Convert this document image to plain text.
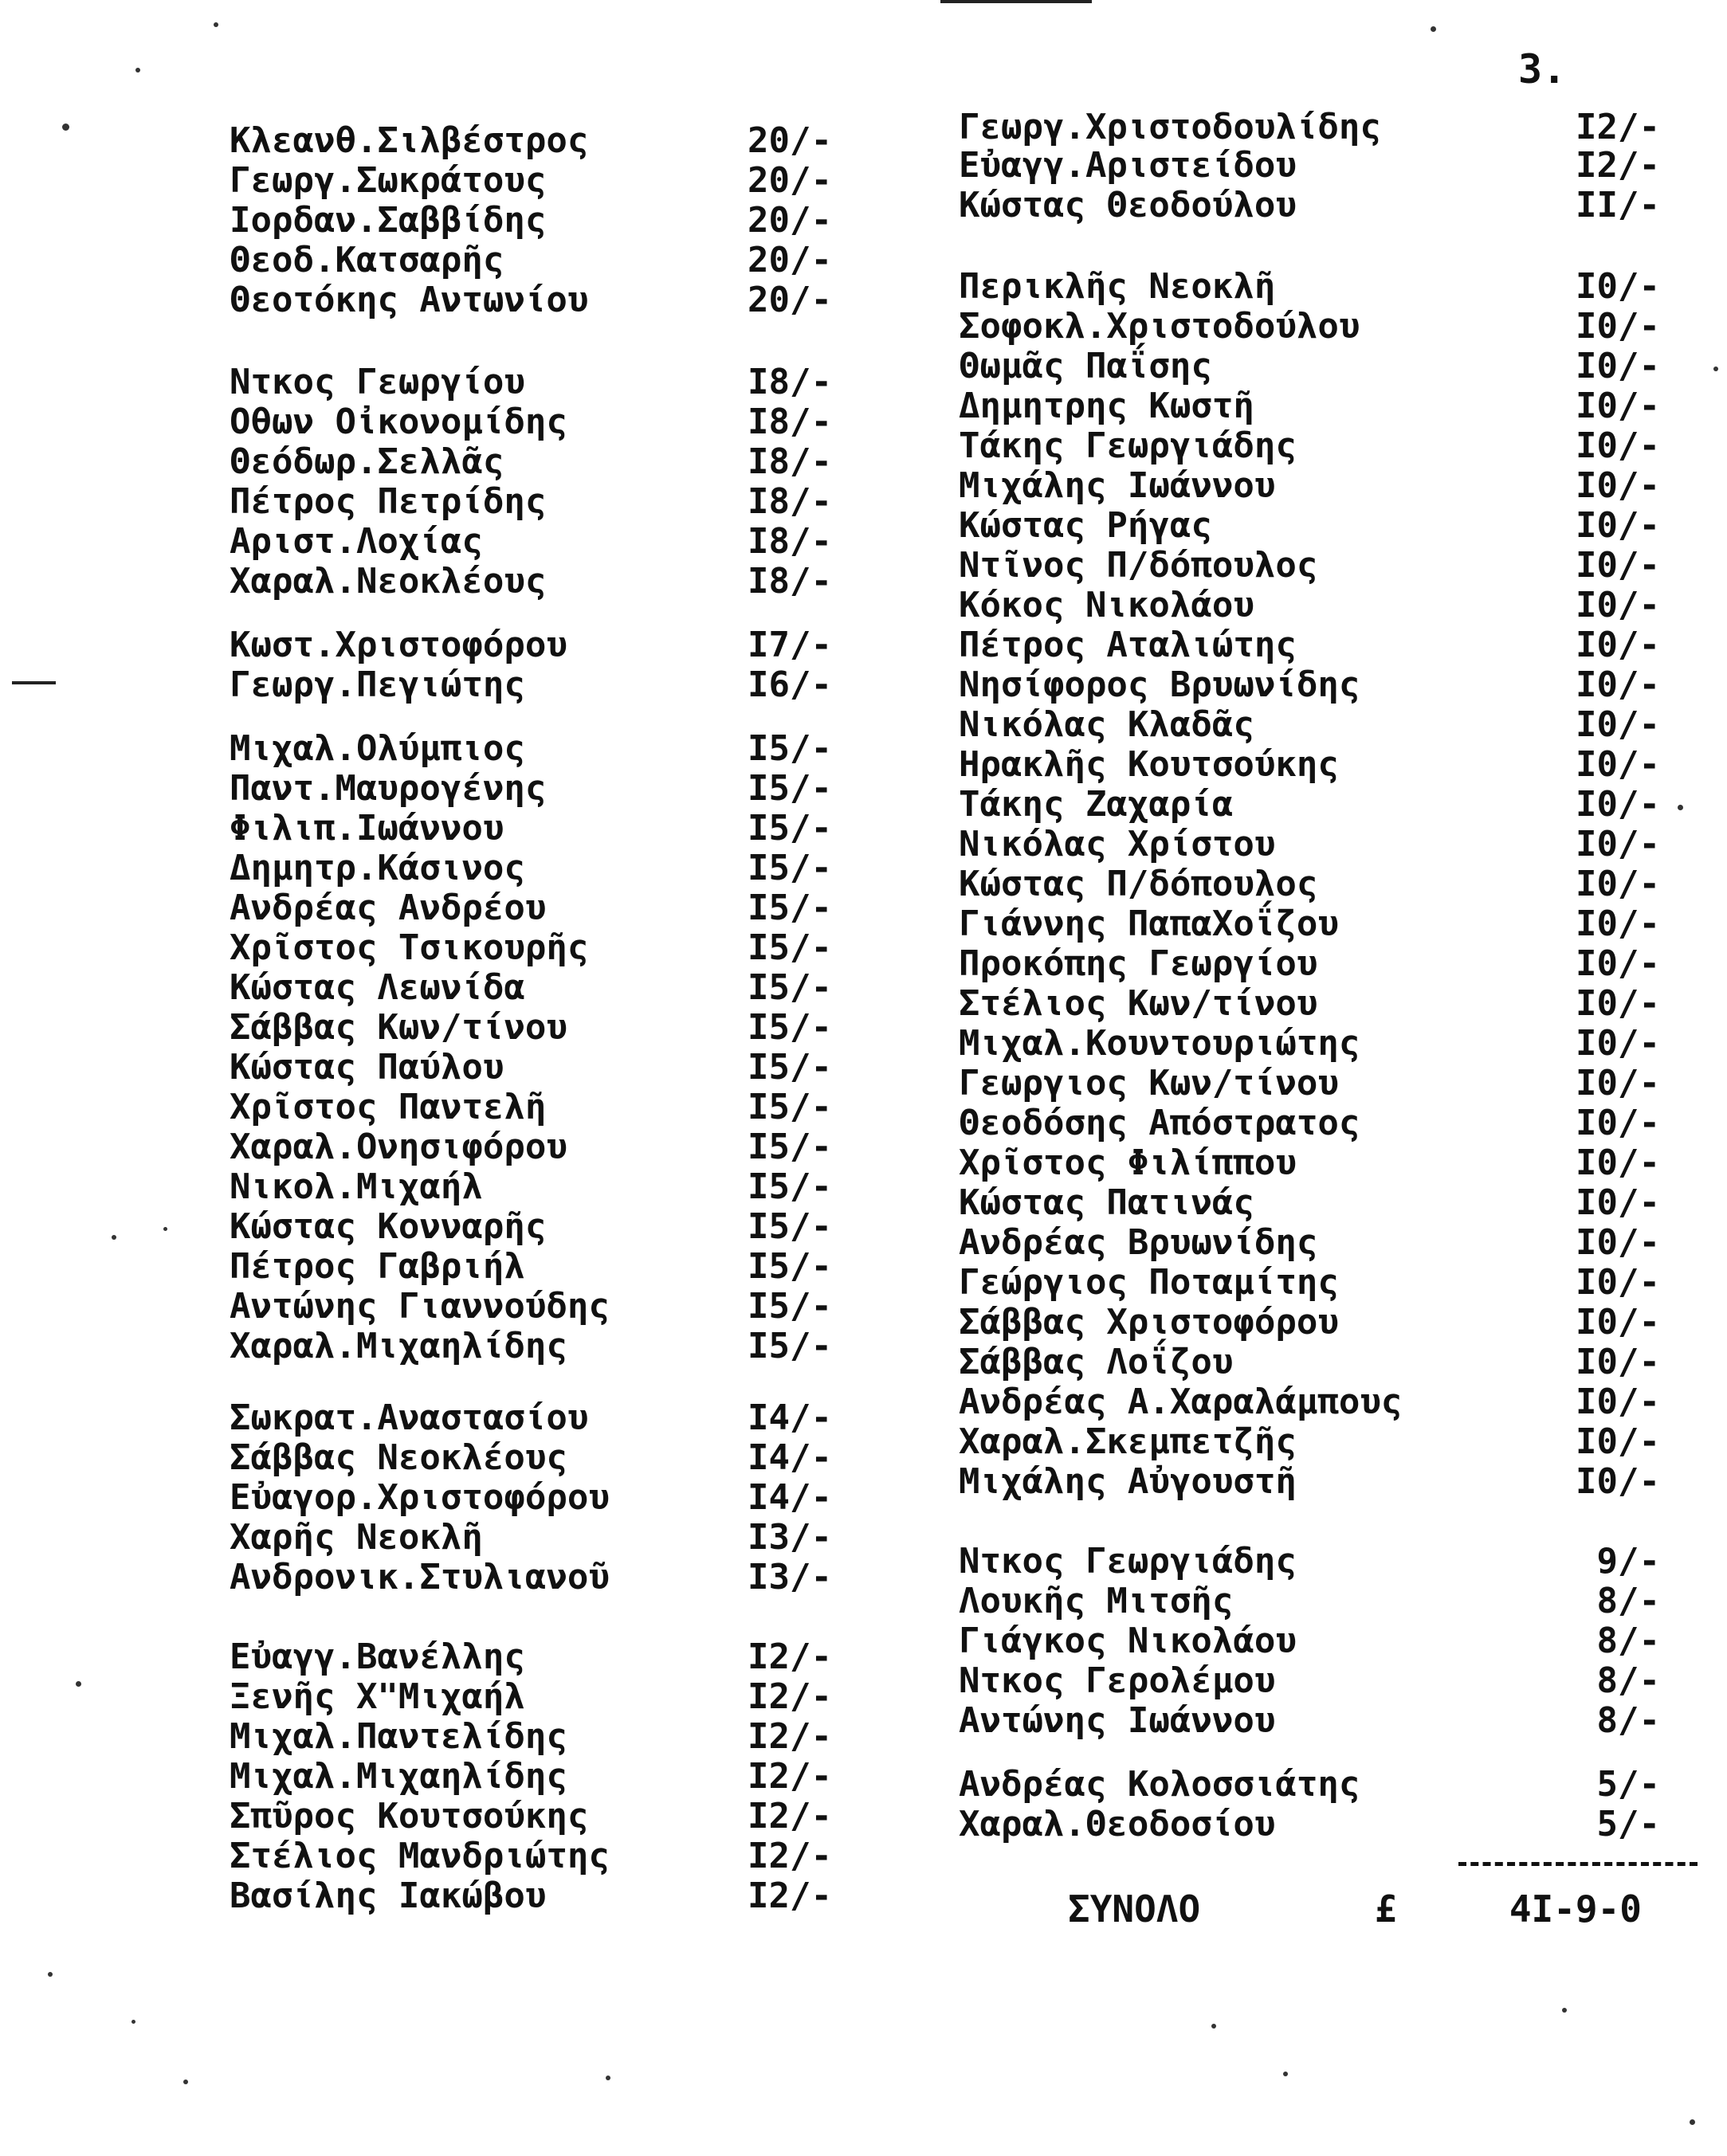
3.
Κλεανθ.Σιλβέστρος	20/-
Γεωργ.Σωκράτους	20/-
Ιορδαν.Σαββίδης	20/-
Θεοδ.Κατσαρῆς	20/-
Θεοτόκης Αντωνίου	20/-
Ντκος Γεωργίου	I8/-
Οθων Οἰκονομίδης	I8/-
Θεόδωρ.Σελλᾶς	I8/-
Πέτρος Πετρίδης	I8/-
Αριστ.Λοχίας	I8/-
Χαραλ.Νεοκλέους	I8/-
Κωστ.Χριστοφόρου	I7/-
Γεωργ.Πεγιώτης	I6/-
Μιχαλ.Ολύμπιος	I5/-
Παντ.Μαυρογένης	I5/-
Φιλιπ.Ιωάννου	I5/-
Δημητρ.Κάσινος	I5/-
Ανδρέας Ανδρέου	I5/-
Χρῖστος Τσικουρῆς	I5/-
Κώστας Λεωνίδα	I5/-
Σάββας Κων/τίνου	I5/-
Κώστας Παύλου	I5/-
Χρῖστος Παντελῆ	I5/-
Χαραλ.Ονησιφόρου	I5/-
Νικολ.Μιχαήλ	I5/-
Κώστας Κονναρῆς	I5/-
Πέτρος Γαβριήλ	I5/-
Αντώνης Γιαννούδης	I5/-
Χαραλ.Μιχαηλίδης	I5/-
Σωκρατ.Αναστασίου	I4/-
Σάββας Νεοκλέους	I4/-
Εὐαγορ.Χριστοφόρου	I4/-
Χαρῆς Νεοκλῆ	I3/-
Ανδρονικ.Στυλιανοῦ	I3/-
Εὐαγγ.Βανέλλης	I2/-
Ξενῆς Χ"Μιχαήλ	I2/-
Μιχαλ.Παντελίδης	I2/-
Μιχαλ.Μιχαηλίδης	I2/-
Σπῦρος Κουτσούκης	I2/-
Στέλιος Μανδριώτης	I2/-
Βασίλης Ιακώβου	I2/-
Γεωργ.Χριστοδουλίδης	I2/-
Εὐαγγ.Αριστείδου	I2/-
Κώστας Θεοδούλου	II/-
Περικλῆς Νεοκλῆ	I0/-
Σοφοκλ.Χριστοδούλου	I0/-
Θωμᾶς Παΐσης	I0/-
Δημητρης Κωστῆ	I0/-
Τάκης Γεωργιάδης	I0/-
Μιχάλης Ιωάννου	I0/-
Κώστας Ρήγας	I0/-
Ντῖνος Π/δόπουλος	I0/-
Κόκος Νικολάου	I0/-
Πέτρος Αταλιώτης	I0/-
Νησίφορος Βρυωνίδης	I0/-
Νικόλας Κλαδᾶς	I0/-
Ηρακλῆς Κουτσούκης	I0/-
Τάκης Ζαχαρία	I0/-
Νικόλας Χρίστου	I0/-
Κώστας Π/δόπουλος	I0/-
Γιάννης ΠαπαΧοΐζου	I0/-
Προκόπης Γεωργίου	I0/-
Στέλιος Κων/τίνου	I0/-
Μιχαλ.Κουντουριώτης	I0/-
Γεωργιος Κων/τίνου	I0/-
Θεοδόσης Απόστρατος	I0/-
Χρῖστος Φιλίππου	I0/-
Κώστας Πατινάς	I0/-
Ανδρέας Βρυωνίδης	I0/-
Γεώργιος Ποταμίτης	I0/-
Σάββας Χριστοφόρου	I0/-
Σάββας Λοΐζου	I0/-
Ανδρέας Α.Χαραλάμπους	I0/-
Χαραλ.Σκεμπετζῆς	I0/-
Μιχάλης Αὐγουστῆ	I0/-
Ντκος Γεωργιάδης	9/-
Λουκῆς Μιτσῆς	8/-
Γιάγκος Νικολάου	8/-
Ντκος Γερολέμου	8/-
Αντώνης Ιωάννου	8/-
Ανδρέας Κολοσσιάτης	5/-
Χαραλ.Θεοδοσίου	5/-
ΣΥΝΟΛΟ	£	4I-9-0
